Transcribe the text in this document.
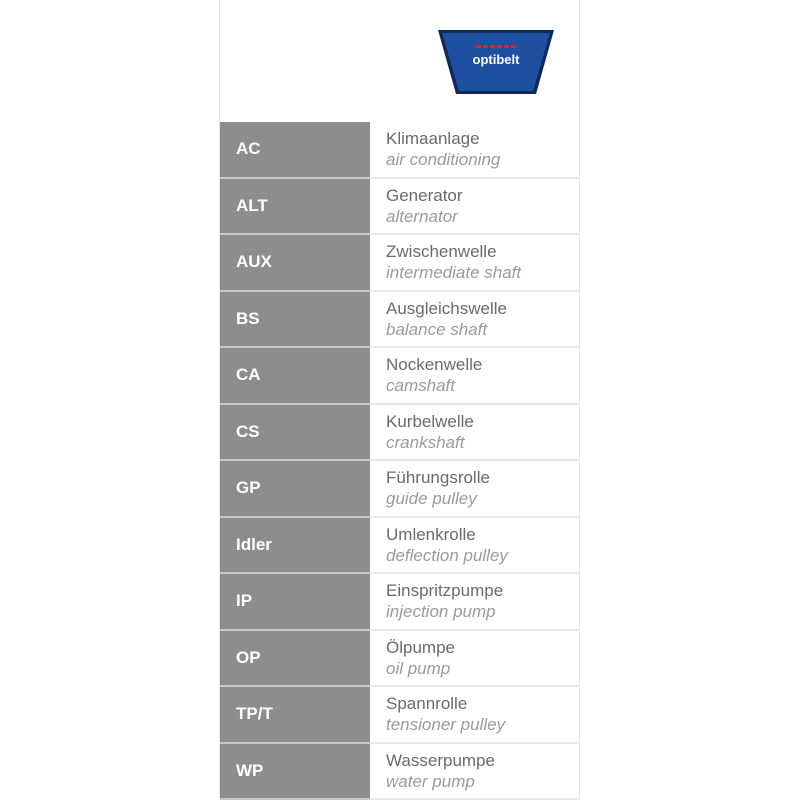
optibelt
AC
Klimaanlage
air conditioning
ALT
Generator
alternator
AUX
Zwischenwelle
intermediate shaft
BS
Ausgleichswelle
balance shaft
CA
Nockenwelle
camshaft
CS
Kurbelwelle
crankshaft
GP
Führungsrolle
guide pulley
Idler
Umlenkrolle
deflection pulley
IP
Einspritzpumpe
injection pump
OP
Ölpumpe
oil pump
TP/T
Spannrolle
tensioner pulley
WP
Wasserpumpe
water pump
